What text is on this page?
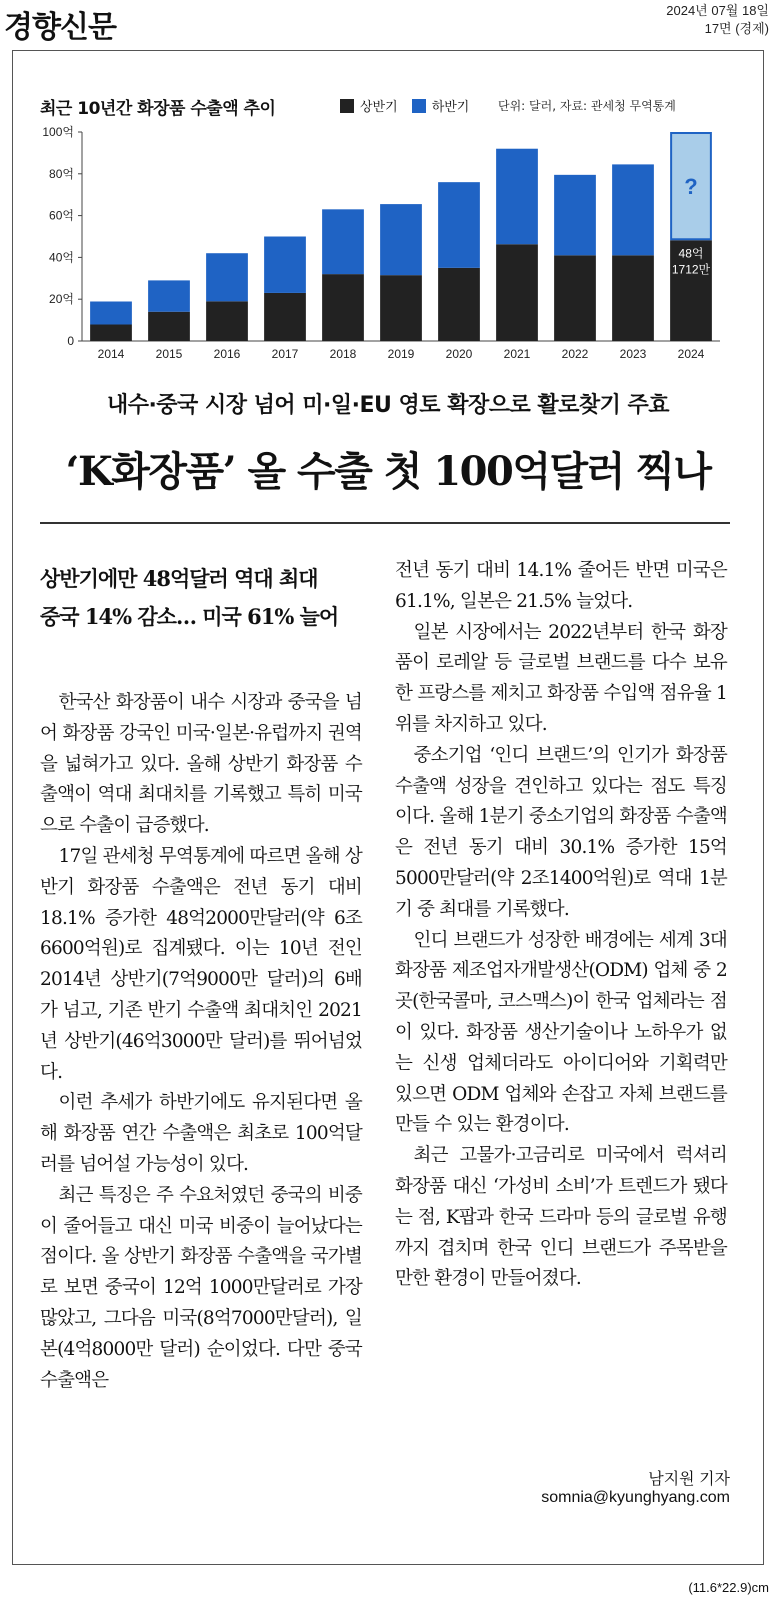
경향신문	2024년 07월 18일
17면 (경제)
최근 10년간 화장품 수출액 추이	상반기	하반기 단위: 달러, 자료: 관세청 무역통계
0
20억
40억
60억
80억
100억
2014	2015	2016	2017	2018	2019	2020	2021	2022	2023
?
48억
1712만
2024
내수·중국 시장 넘어 미·일·EU 영토 확장으로 활로찾기 주효
‘K화장품’ 올 수출 첫 100억달러 찍나
상반기에만 48억달러 역대 최대
중국 14% 감소… 미국 61% 늘어

한국산 화장품이 내수 시장과 중국을 넘어 화장품 강국인 미국·일본·유럽까지 권역을 넓혀가고 있다. 올해 상반기 화장품 수출액이 역대 최대치를 기록했고 특히 미국으로 수출이 급증했다.

17일 관세청 무역통계에 따르면 올해 상반기 화장품 수출액은 전년 동기 대비 18.1% 증가한 48억2000만달러(약 6조6600억원)로 집계됐다. 이는 10년 전인 2014년 상반기(7억9000만 달러)의 6배가 넘고, 기존 반기 수출액 최대치인 2021년 상반기(46억3000만 달러)를 뛰어넘었다.

이런 추세가 하반기에도 유지된다면 올해 화장품 연간 수출액은 최초로 100억달러를 넘어설 가능성이 있다.

최근 특징은 주 수요처였던 중국의 비중이 줄어들고 대신 미국 비중이 늘어났다는 점이다. 올 상반기 화장품 수출액을 국가별로 보면 중국이 12억 1000만달러로 가장 많았고, 그다음 미국(8억7000만달러), 일본(4억8000만 달러) 순이었다. 다만 중국 수출액은

전년 동기 대비 14.1% 줄어든 반면 미국은 61.1%, 일본은 21.5% 늘었다.

일본 시장에서는 2022년부터 한국 화장품이 로레알 등 글로벌 브랜드를 다수 보유한 프랑스를 제치고 화장품 수입액 점유율 1위를 차지하고 있다.

중소기업 ‘인디 브랜드’의 인기가 화장품 수출액 성장을 견인하고 있다는 점도 특징이다. 올해 1분기 중소기업의 화장품 수출액은 전년 동기 대비 30.1% 증가한 15억5000만달러(약 2조1400억원)로 역대 1분기 중 최대를 기록했다.

인디 브랜드가 성장한 배경에는 세계 3대 화장품 제조업자개발생산(ODM) 업체 중 2곳(한국콜마, 코스맥스)이 한국 업체라는 점이 있다. 화장품 생산기술이나 노하우가 없는 신생 업체더라도 아이디어와 기획력만 있으면 ODM 업체와 손잡고 자체 브랜드를 만들 수 있는 환경이다.

최근 고물가·고금리로 미국에서 럭셔리 화장품 대신 ‘가성비 소비’가 트렌드가 됐다는 점, K팝과 한국 드라마 등의 글로벌 유행까지 겹치며 한국 인디 브랜드가 주목받을 만한 환경이 만들어졌다.

남지원 기자 somnia@kyunghyang.com
(11.6*22.9)cm
